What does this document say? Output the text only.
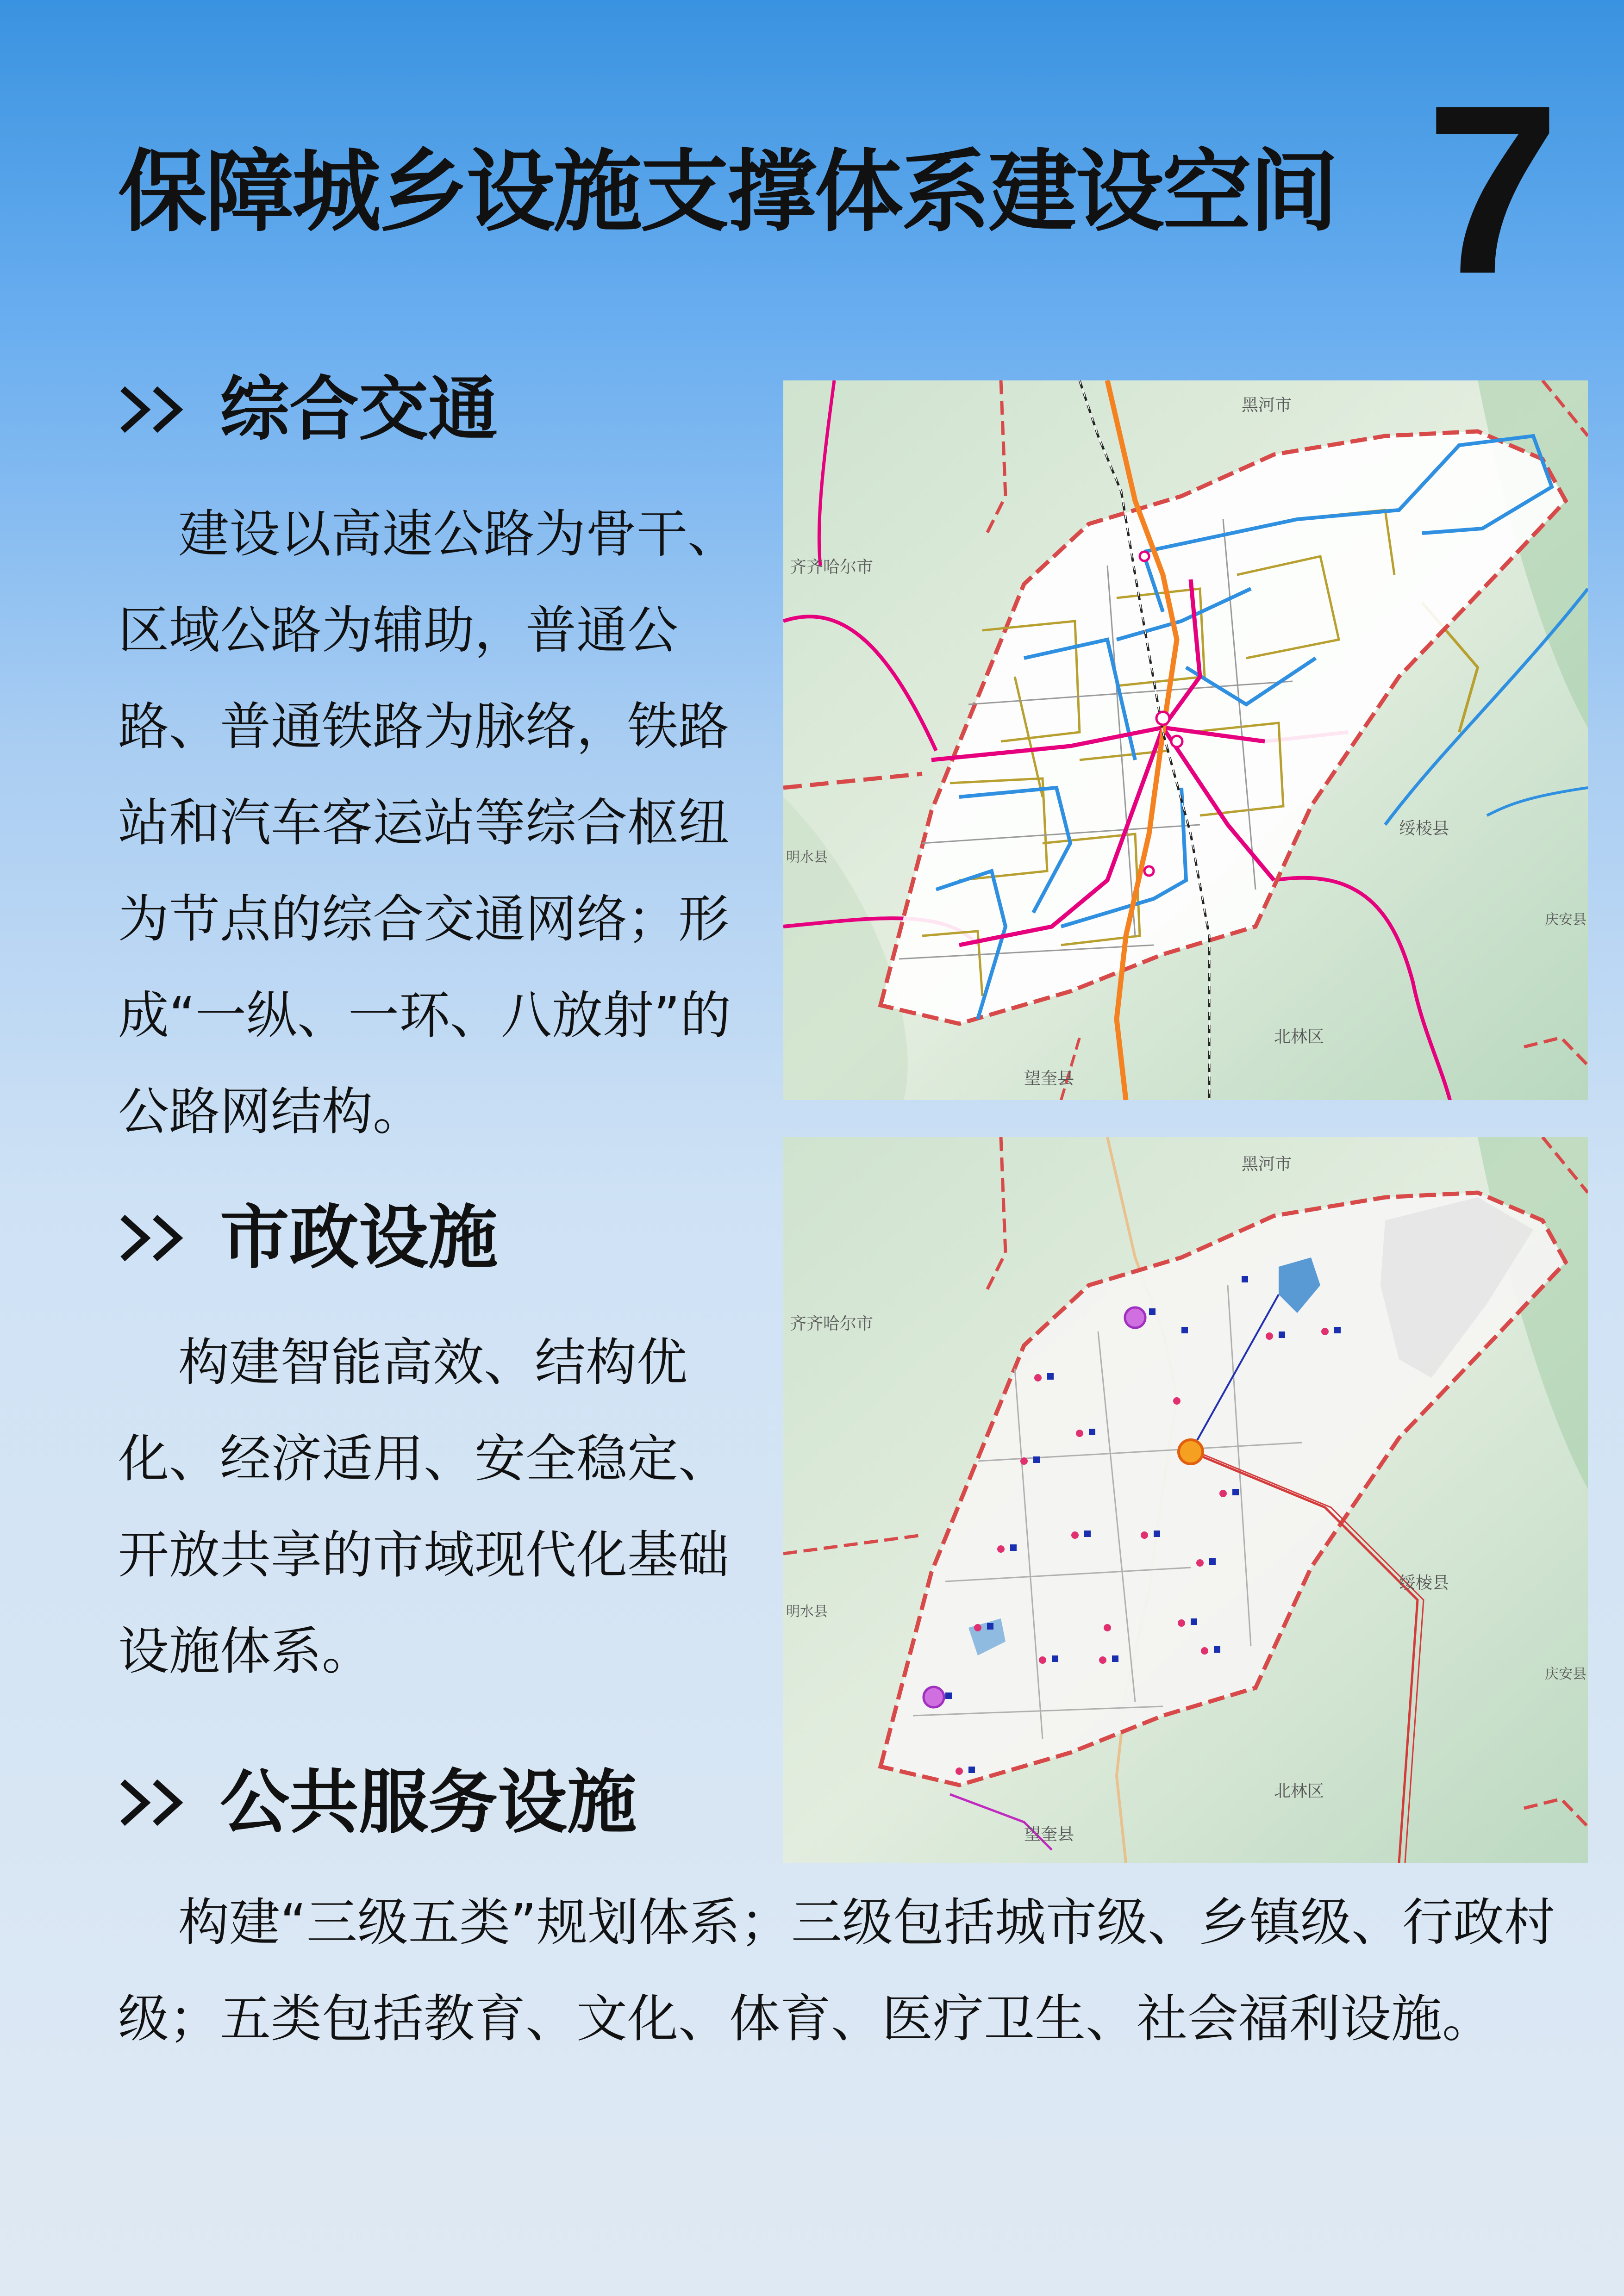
保障城乡设施支撑体系建设空间 7
综合交通

建设以高速公路为骨干、区域公路为辅助，普通公路、普通铁路为脉络，铁路站和汽车客运站等综合枢纽为节点的综合交通网络；形成“一纵、一环、八放射”的公路网结构。

市政设施

构建智能高效、结构优化、经济适用、安全稳定、开放共享的市域现代化基础设施体系。

公共服务设施

构建“三级五类”规划体系；三级包括城市级、乡镇级、行政村级；五类包括教育、文化、体育、医疗卫生、社会福利设施。

黑河市
齐齐哈尔市
绥棱县
庆安县
北林区
望奎县
明水县
黑河市
齐齐哈尔市
绥棱县
庆安县
北林区
望奎县
明水县
